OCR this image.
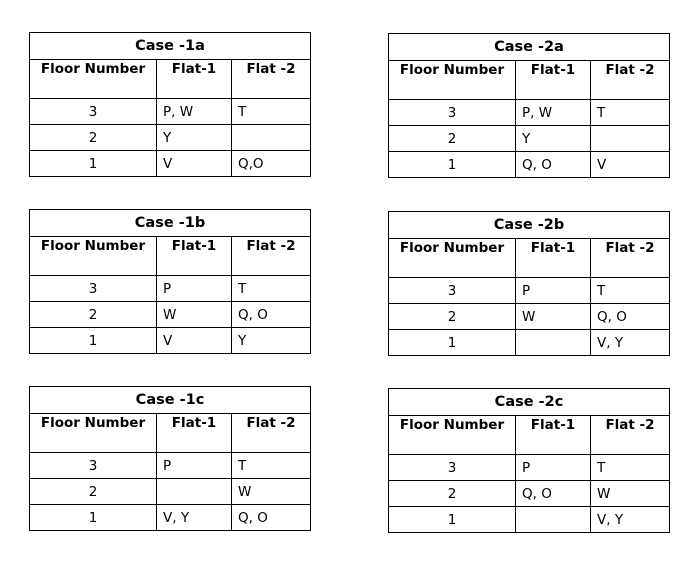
Case -1a		
Floor Number	Flat-1	Flat -2
3	P, W	T
2	Y	
1	V	Q,O
Case -1b		
Floor Number	Flat-1	Flat -2
3	P	T
2	W	Q, O
1	V	Y
Case -1c		
Floor Number	Flat-1	Flat -2
3	P	T
2		W
1	V, Y	Q, O
Case -2a		
Floor Number	Flat-1	Flat -2
3	P, W	T
2	Y	
1	Q, O	V
Case -2b		
Floor Number	Flat-1	Flat -2
3	P	T
2	W	Q, O
1		V, Y
Case -2c		
Floor Number	Flat-1	Flat -2
3	P	T
2	Q, O	W
1		V, Y
